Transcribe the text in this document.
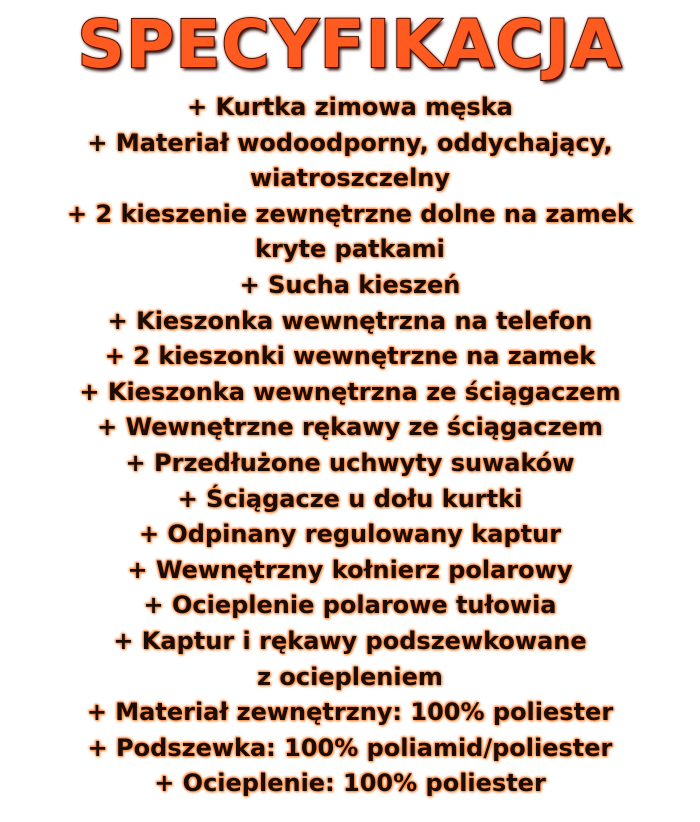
SPECYFIKACJA
+ Kurtka zimowa męska
+ Materiał wodoodporny, oddychający,
wiatroszczelny
+ 2 kieszenie zewnętrzne dolne na zamek
kryte patkami
+ Sucha kieszeń
+ Kieszonka wewnętrzna na telefon
+ 2 kieszonki wewnętrzne na zamek
+ Kieszonka wewnętrzna ze ściągaczem
+ Wewnętrzne rękawy ze ściągaczem
+ Przedłużone uchwyty suwaków
+ Ściągacze u dołu kurtki
+ Odpinany regulowany kaptur
+ Wewnętrzny kołnierz polarowy
+ Ocieplenie polarowe tułowia
+ Kaptur i rękawy podszewkowane
z ociepleniem
+ Materiał zewnętrzny: 100% poliester
+ Podszewka: 100% poliamid/poliester
+ Ocieplenie: 100% poliester
